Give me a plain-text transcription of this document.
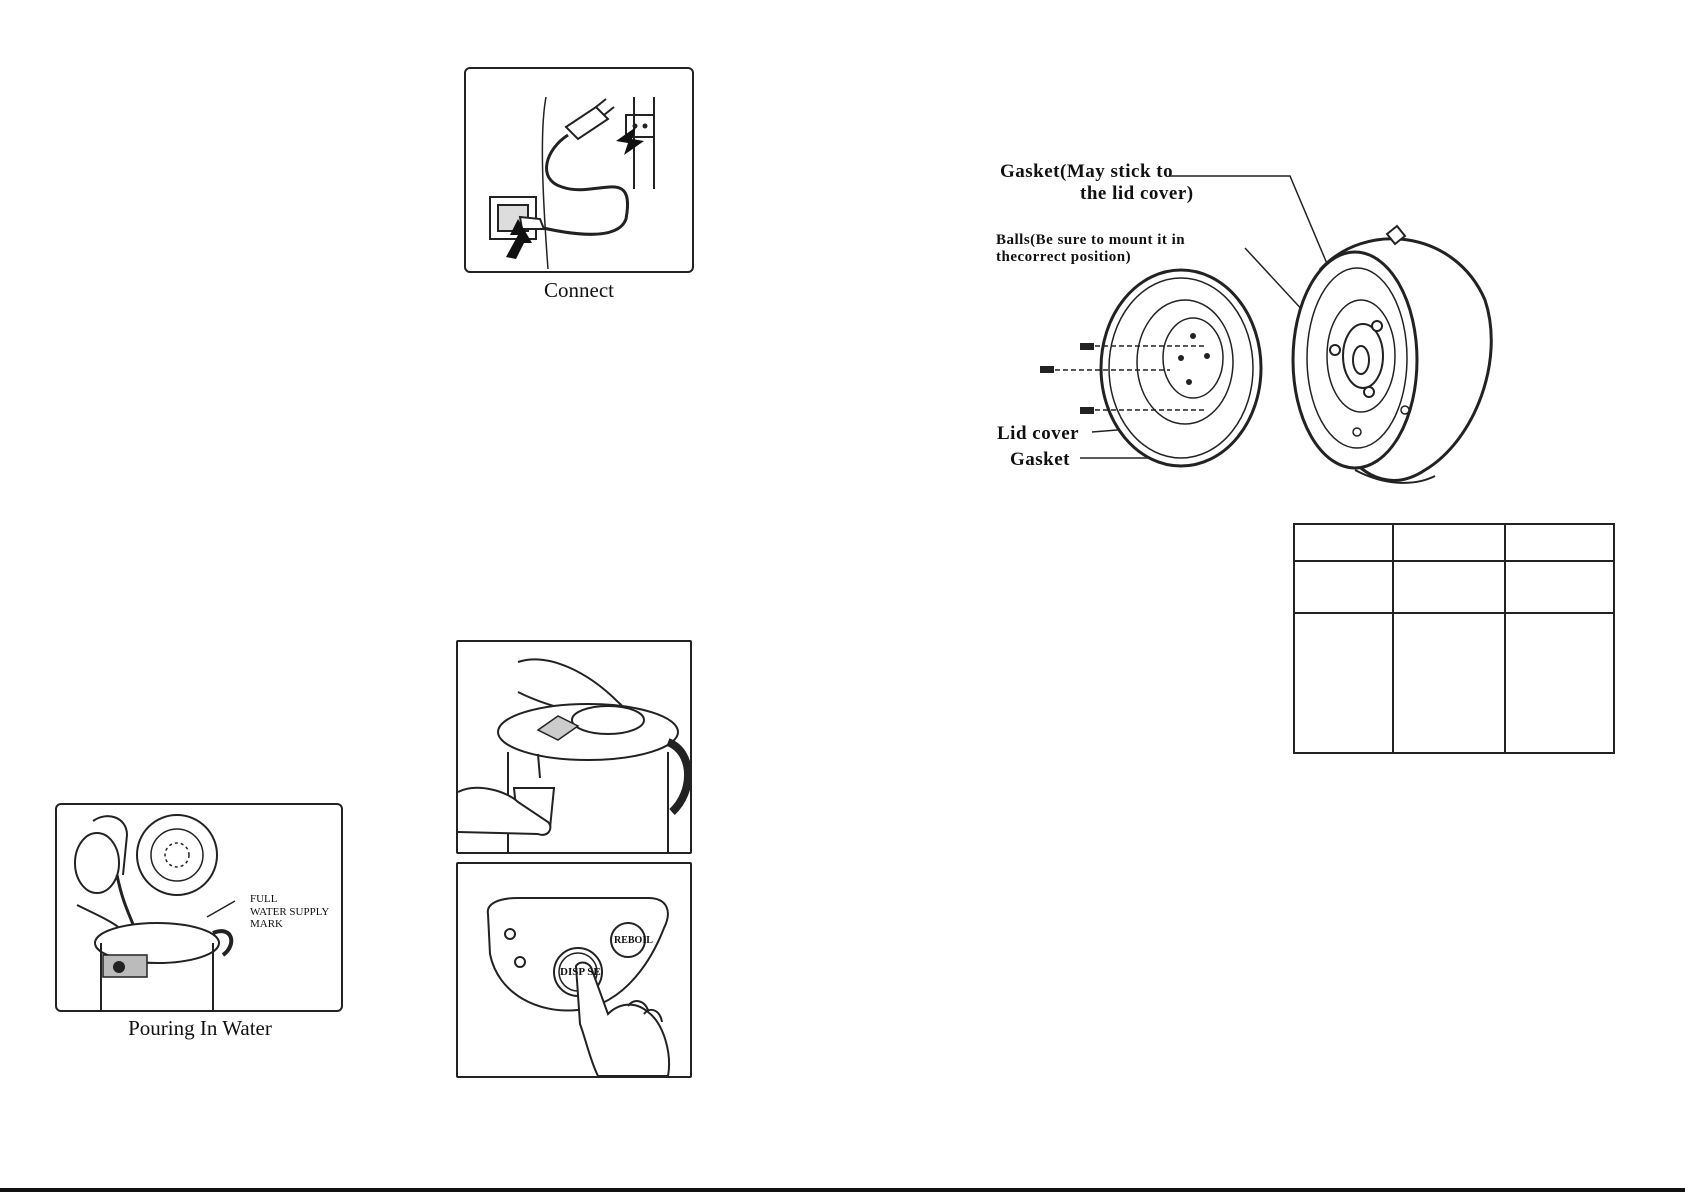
Connect
REBOIL
DISP SE
FULL
WATER SUPPLY
MARK
Pouring In Water
Gasket(May stick to
the lid cover)
Balls(Be sure to mount it in
thecorrect position)
Lid cover
Gasket
